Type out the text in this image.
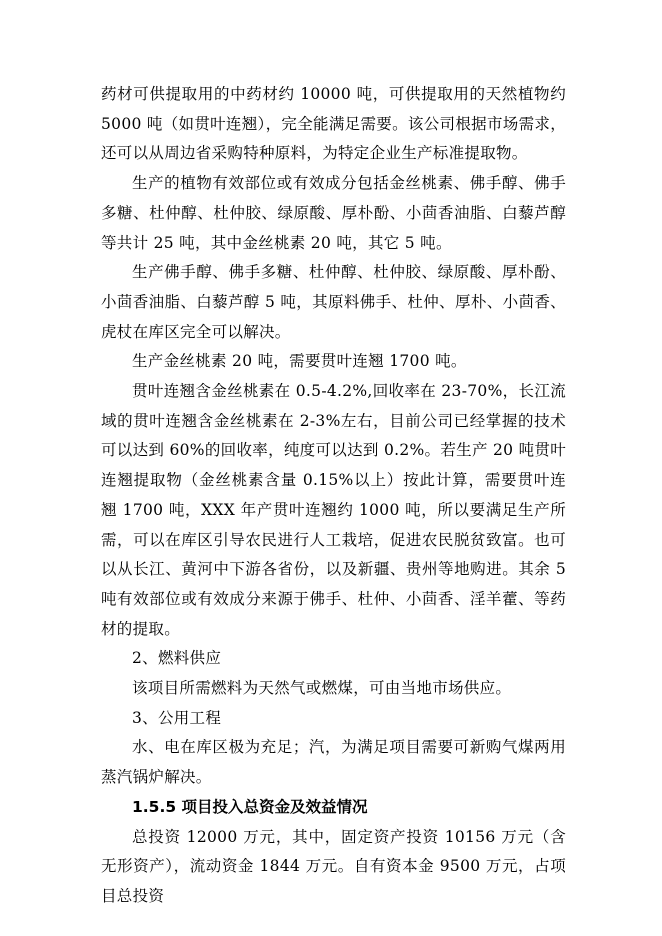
药材可供提取用的中药材约 10000 吨，可供提取用的天然植物约 5000 吨（如贯叶连翘），完全能满足需要。该公司根据市场需求，还可以从周边省采购特种原料，为特定企业生产标准提取物。

生产的植物有效部位或有效成分包括金丝桃素、佛手醇、佛手多糖、杜仲醇、杜仲胶、绿原酸、厚朴酚、小茴香油脂、白藜芦醇等共计 25 吨，其中金丝桃素 20 吨，其它 5 吨。

生产佛手醇、佛手多糖、杜仲醇、杜仲胶、绿原酸、厚朴酚、小茴香油脂、白藜芦醇 5 吨，其原料佛手、杜仲、厚朴、小茴香、虎杖在库区完全可以解决。

生产金丝桃素 20 吨，需要贯叶连翘 1700 吨。

贯叶连翘含金丝桃素在 0.5-4.2%,回收率在 23-70%，长江流域的贯叶连翘含金丝桃素在 2-3%左右，目前公司已经掌握的技术可以达到 60%的回收率，纯度可以达到 0.2%。若生产 20 吨贯叶连翘提取物（金丝桃素含量 0.15%以上）按此计算，需要贯叶连翘 1700 吨，XXX 年产贯叶连翘约 1000 吨，所以要满足生产所需，可以在库区引导农民进行人工栽培，促进农民脱贫致富。也可以从长江、黄河中下游各省份，以及新疆、贵州等地购进。其余 5 吨有效部位或有效成分来源于佛手、杜仲、小茴香、淫羊藿、等药材的提取。

2、燃料供应

该项目所需燃料为天然气或燃煤，可由当地市场供应。

3、公用工程

水、电在库区极为充足；汽，为满足项目需要可新购气煤两用蒸汽锅炉解决。

1.5.5 项目投入总资金及效益情况

总投资 12000 万元，其中，固定资产投资 10156 万元（含无形资产），流动资金 1844 万元。自有资本金 9500 万元，占项目总投资
